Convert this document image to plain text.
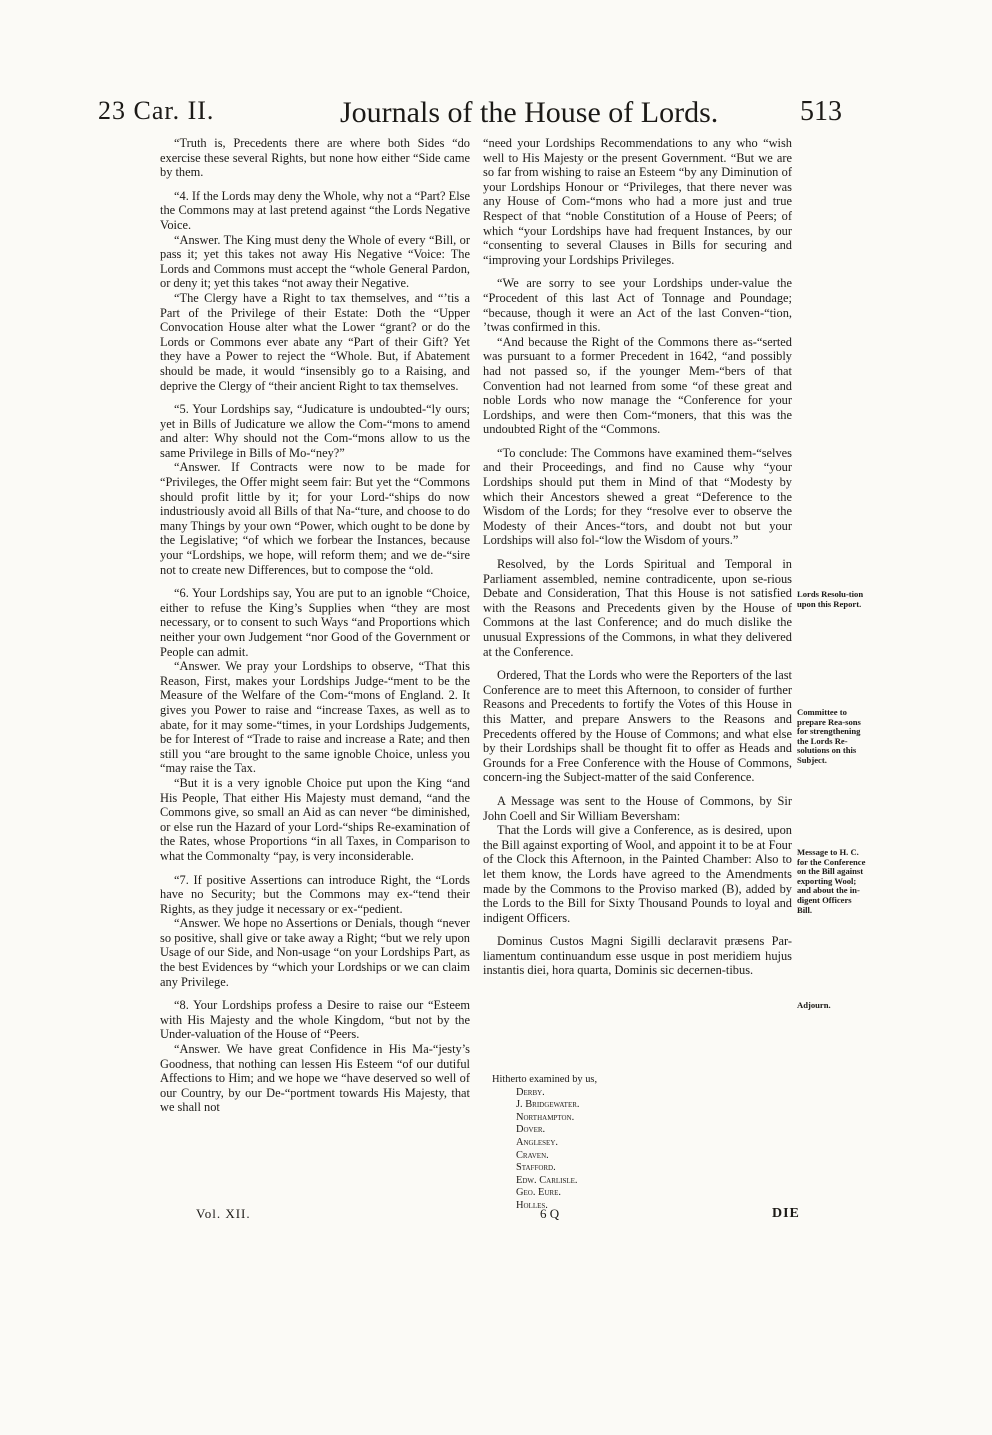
23 Car. II.	Journals of the House of Lords.	513

“Truth is, Precedents there are where both Sides “do exercise these several Rights, but none how either “Side came by them.

“4. If the Lords may deny the Whole, why not a “Part? Else the Commons may at last pretend against “the Lords Negative Voice.

“Answer. The King must deny the Whole of every “Bill, or pass it; yet this takes not away His Negative “Voice: The Lords and Commons must accept the “whole General Pardon, or deny it; yet this takes “not away their Negative.

“The Clergy have a Right to tax themselves, and “’tis a Part of the Privilege of their Estate: Doth the “Upper Convocation House alter what the Lower “grant? or do the Lords or Commons ever abate any “Part of their Gift? Yet they have a Power to reject the “Whole. But, if Abatement should be made, it would “insensibly go to a Raising, and deprive the Clergy of “their ancient Right to tax themselves.

“5. Your Lordships say, “Judicature is undoubted-“ly ours; yet in Bills of Judicature we allow the Com-“mons to amend and alter: Why should not the Com-“mons allow to us the same Privilege in Bills of Mo-“ney?”

“Answer. If Contracts were now to be made for “Privileges, the Offer might seem fair: But yet the “Commons should profit little by it; for your Lord-“ships do now industriously avoid all Bills of that Na-“ture, and choose to do many Things by your own “Power, which ought to be done by the Legislative; “of which we forbear the Instances, because your “Lordships, we hope, will reform them; and we de-“sire not to create new Differences, but to compose the “old.

“6. Your Lordships say, You are put to an ignoble “Choice, either to refuse the King’s Supplies when “they are most necessary, or to consent to such Ways “and Proportions which neither your own Judgement “nor Good of the Government or People can admit.

“Answer. We pray your Lordships to observe, “That this Reason, First, makes your Lordships Judge-“ment to be the Measure of the Welfare of the Com-“mons of England. 2. It gives you Power to raise and “increase Taxes, as well as to abate, for it may some-“times, in your Lordships Judgements, be for Interest of “Trade to raise and increase a Rate; and then still you “are brought to the same ignoble Choice, unless you “may raise the Tax.

“But it is a very ignoble Choice put upon the King “and His People, That either His Majesty must demand, “and the Commons give, so small an Aid as can never “be diminished, or else run the Hazard of your Lord-“ships Re-examination of the Rates, whose Proportions “in all Taxes, in Comparison to what the Commonalty “pay, is very inconsiderable.

“7. If positive Assertions can introduce Right, the “Lords have no Security; but the Commons may ex-“tend their Rights, as they judge it necessary or ex-“pedient.

“Answer. We hope no Assertions or Denials, though “never so positive, shall give or take away a Right; “but we rely upon Usage of our Side, and Non-usage “on your Lordships Part, as the best Evidences by “which your Lordships or we can claim any Privilege.

“8. Your Lordships profess a Desire to raise our “Esteem with His Majesty and the whole Kingdom, “but not by the Under-valuation of the House of “Peers.

“Answer. We have great Confidence in His Ma-“jesty’s Goodness, that nothing can lessen His Esteem “of our dutiful Affections to Him; and we hope we “have deserved so well of our Country, by our De-“portment towards His Majesty, that we shall not

“need your Lordships Recommendations to any who “wish well to His Majesty or the present Government. “But we are so far from wishing to raise an Esteem “by any Diminution of your Lordships Honour or “Privileges, that there never was any House of Com-“mons who had a more just and true Respect of that “noble Constitution of a House of Peers; of which “your Lordships have had frequent Instances, by our “consenting to several Clauses in Bills for securing and “improving your Lordships Privileges.

“We are sorry to see your Lordships under-value the “Procedent of this last Act of Tonnage and Poundage; “because, though it were an Act of the last Conven-“tion, ’twas confirmed in this.

“And because the Right of the Commons there as-“serted was pursuant to a former Precedent in 1642, “and possibly had not passed so, if the younger Mem-“bers of that Convention had not learned from some “of these great and noble Lords who now manage the “Conference for your Lordships, and were then Com-“moners, that this was the undoubted Right of the “Commons.

“To conclude: The Commons have examined them-“selves and their Proceedings, and find no Cause why “your Lordships should put them in Mind of that “Modesty by which their Ancestors shewed a great “Deference to the Wisdom of the Lords; for they “resolve ever to observe the Modesty of their Ances-“tors, and doubt not but your Lordships will also fol-“low the Wisdom of yours.”

Resolved, by the Lords Spiritual and Temporal in Parliament assembled, nemine contradicente, upon se-rious Debate and Consideration, That this House is not satisfied with the Reasons and Precedents given by the House of Commons at the last Conference; and do much dislike the unusual Expressions of the Commons, in what they delivered at the Conference.

Ordered, That the Lords who were the Reporters of the last Conference are to meet this Afternoon, to consider of further Reasons and Precedents to fortify the Votes of this House in this Matter, and prepare Answers to the Reasons and Precedents offered by the House of Commons; and what else by their Lordships shall be thought fit to offer as Heads and Grounds for a Free Conference with the House of Commons, concern-ing the Subject-matter of the said Conference.

A Message was sent to the House of Commons, by Sir John Coell and Sir William Beversham:

That the Lords will give a Conference, as is desired, upon the Bill against exporting of Wool, and appoint it to be at Four of the Clock this Afternoon, in the Painted Chamber: Also to let them know, the Lords have agreed to the Amendments made by the Commons to the Proviso marked (B), added by the Lords to the Bill for Sixty Thousand Pounds to loyal and indigent Officers.

Dominus Custos Magni Sigilli declaravit præsens Par-liamentum continuandum esse usque in post meridiem hujus instantis diei, hora quarta, Dominis sic decernen-tibus.

Lords Resolu-tion upon this Report.
Committee to prepare Rea-sons for strengthening the Lords Re-solutions on this Subject.
Message to H. C. for the Conference on the Bill against exporting Wool; and about the in-digent Officers Bill.
Adjourn.
Hitherto examined by us,
Derby.
J. Bridgewater.
Northampton.
Dover.
Anglesey.
Craven.
Stafford.
Edw. Carlisle.
Geo. Eure.
Holles.
Vol. XII.	6 Q	DIE
